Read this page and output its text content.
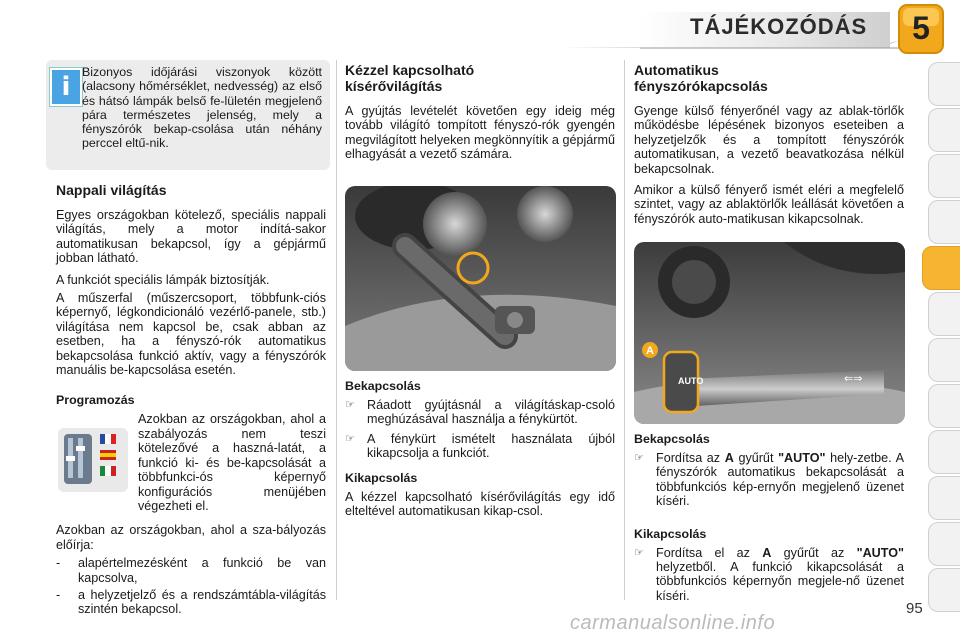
TÁJÉKOZÓDÁS	5
i Bizonyos időjárási viszonyok között (alacsony hőmérséklet, nedvesség) az első és hátsó lámpák belső fe-lületén megjelenő pára természetes jelenség, mely a fényszórók bekap-csolása után néhány perccel eltű-nik.
Nappali világítás

Egyes országokban kötelező, speciális nappali világítás, mely a motor indítá-sakor automatikusan bekapcsol, így a gépjármű jobban látható.

A funkciót speciális lámpák biztosítják.

A műszerfal (műszercsoport, többfunk-ciós képernyő, légkondicionáló vezérlő-panele, stb.) világítása nem kapcsol be, csak abban az esetben, ha a fényszó-rók automatikus bekapcsolása funkció aktív, vagy a fényszórók manuális be-kapcsolása esetén.

Programozás
Azokban az országokban, ahol a szabályozás nem teszi kötelezővé a haszná-latát, a funkció ki- és be-kapcsolását a többfunkci-ós képernyő konfigurációs menüjében végezheti el.

Azokban az országokban, ahol a sza-bályozás előírja:

-	alapértelmezésként a funkció be van kapcsolva,
-	a helyzetjelző és a rendszámtábla-világítás szintén bekapcsol.
Kézzel kapcsolható kísérővilágítás

A gyújtás levételét követően egy ideig még tovább világító tompított fényszó-rók gyengén megvilágított helyeken megkönnyítik a gépjármű elhagyását a vezető számára.

Bekapcsolás
☞ Ráadott gyújtásnál a világításkap-csoló meghúzásával használja a fénykürtöt.
☞ A fénykürt ismételt használata újból kikapcsolja a funkciót.
Kikapcsolás

A kézzel kapcsolható kísérővilágítás egy idő elteltével automatikusan kikap-csol.

Automatikus fényszórókapcsolás

Gyenge külső fényerőnél vagy az ablak-törlők működésbe lépésének bizonyos eseteiben a helyzetjelzők és a tompított fényszórók automatikusan, a vezető beavatkozása nélkül bekapcsolnak.

Amikor a külső fényerő ismét eléri a megfelelő szintet, vagy az ablaktörlők leállását követően a fényszórók auto-matikusan kikapcsolnak.

AUTO
A
⇐⇒
Bekapcsolás
☞ Fordítsa az A gyűrűt "AUTO" hely-zetbe. A fényszórók automatikus bekapcsolását a többfunkciós kép-ernyőn megjelenő üzenet kíséri.
Kikapcsolás
☞ Fordítsa el az A gyűrűt az "AUTO" helyzetből. A funkció kikapcsolását a többfunkciós képernyőn megjele-nő üzenet kíséri.
carmanualsonline.info
95
